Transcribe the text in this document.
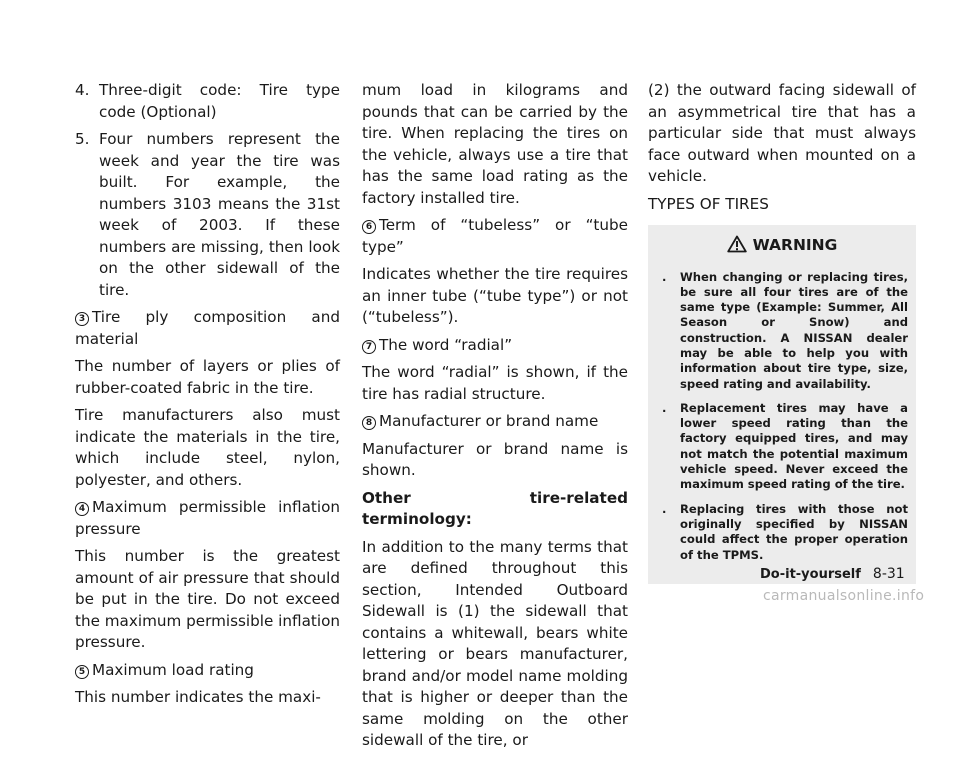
4. Three-digit code: Tire type code (Optional)
5. Four numbers represent the week and year the tire was built. For example, the numbers 3103 means the 31st week of 2003. If these numbers are missing, then look on the other sidewall of the tire.

3 Tire ply composition and material

The number of layers or plies of rubber-coated fabric in the tire.

Tire manufacturers also must indicate the materials in the tire, which include steel, nylon, polyester, and others.

4 Maximum permissible inflation pressure

This number is the greatest amount of air pressure that should be put in the tire. Do not exceed the maximum permissible inflation pressure.

5 Maximum load rating

This number indicates the maxi-

mum load in kilograms and pounds that can be carried by the tire. When replacing the tires on the vehicle, always use a tire that has the same load rating as the factory installed tire.

6 Term of “tubeless” or “tube type”

Indicates whether the tire requires an inner tube (“tube type”) or not (“tubeless”).

7 The word “radial”

The word “radial” is shown, if the tire has radial structure.

8 Manufacturer or brand name

Manufacturer or brand name is shown.

Other tire-related terminology:

In addition to the many terms that are defined throughout this section, Intended Outboard Sidewall is (1) the sidewall that contains a whitewall, bears white lettering or bears manufacturer, brand and/or model name molding that is higher or deeper than the same molding on the other sidewall of the tire, or

(2) the outward facing sidewall of an asymmetrical tire that has a particular side that must always face outward when mounted on a vehicle.

TYPES OF TIRES

WARNING
.	When changing or replacing tires, be sure all four tires are of the same type (Example: Summer, All Season or Snow) and construction. A NISSAN dealer may be able to help you with information about tire type, size, speed rating and availability.
.	Replacement tires may have a lower speed rating than the factory equipped tires, and may not match the potential maximum vehicle speed. Never exceed the maximum speed rating of the tire.
.	Replacing tires with those not originally specified by NISSAN could affect the proper operation of the TPMS.
Do-it-yourself 8-31
carmanualsonline.info
